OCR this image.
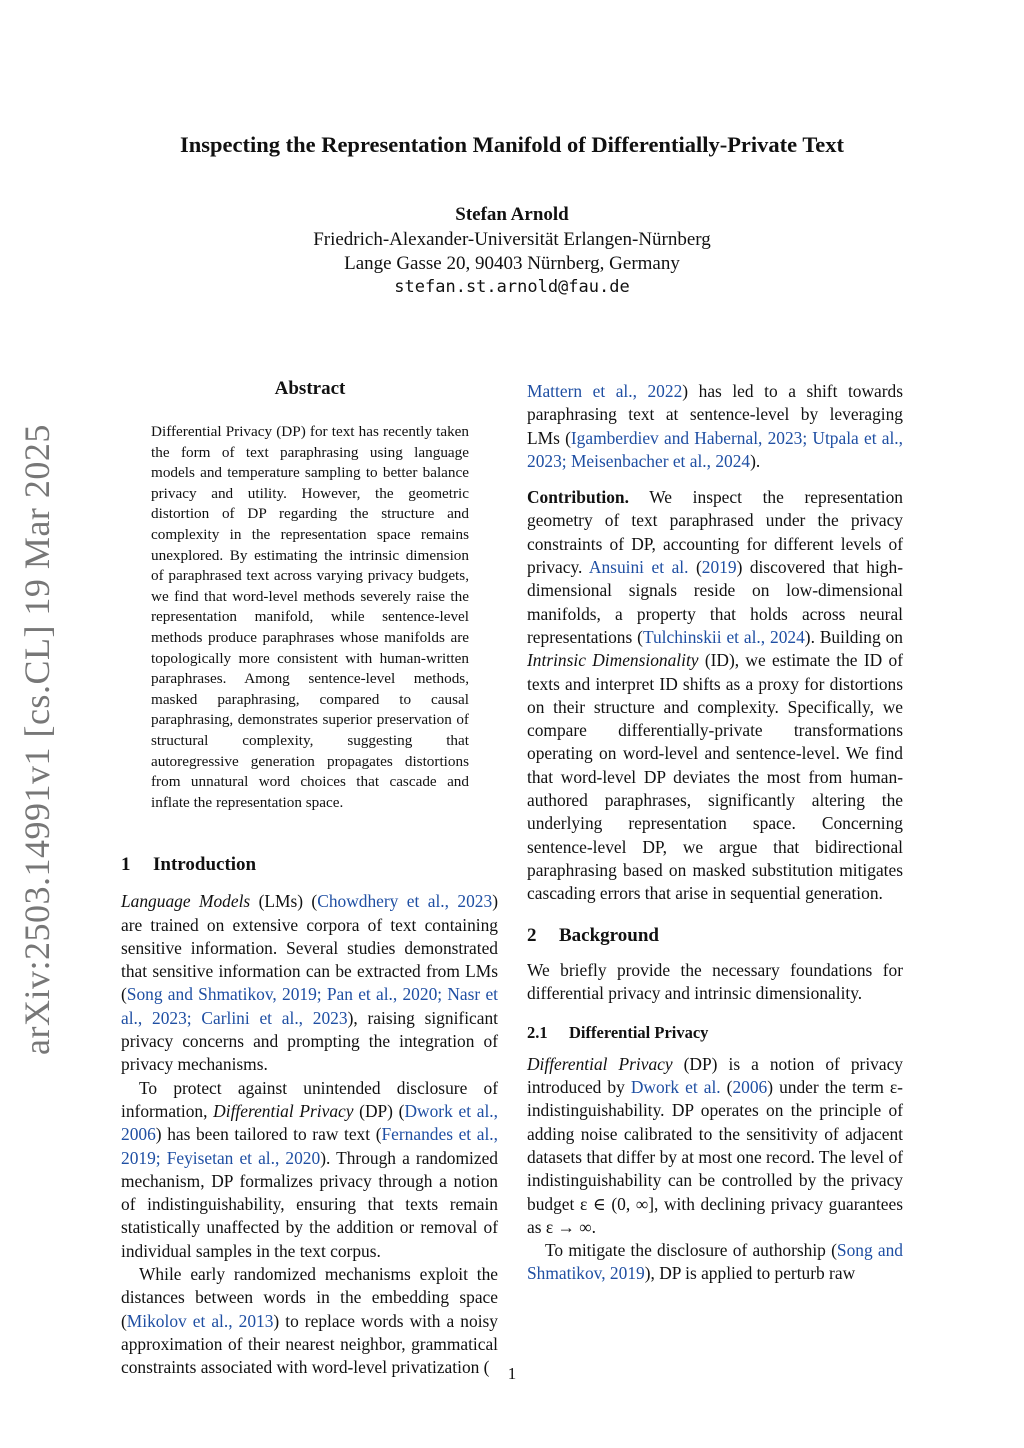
Inspecting the Representation Manifold of Differentially-Private Text
Stefan Arnold
Friedrich-Alexander-Universität Erlangen-Nürnberg
Lange Gasse 20, 90403 Nürnberg, Germany
stefan.st.arnold@fau.de
arXiv:2503.14991v1 [cs.CL] 19 Mar 2025
Abstract
Differential Privacy (DP) for text has recently taken the form of text paraphrasing using language models and temperature sampling to better balance privacy and utility. However, the geometric distortion of DP regarding the structure and complexity in the representation space remains unexplored. By estimating the intrinsic dimension of paraphrased text across varying privacy budgets, we find that word-level methods severely raise the representation manifold, while sentence-level methods produce paraphrases whose manifolds are topologically more consistent with human-written paraphrases. Among sentence-level methods, masked paraphrasing, compared to causal paraphrasing, demonstrates superior preservation of structural complexity, suggesting that autoregressive generation propagates distortions from unnatural word choices that cascade and inflate the representation space.
1 Introduction

Language Models (LMs) (Chowdhery et al., 2023) are trained on extensive corpora of text containing sensitive information. Several studies demonstrated that sensitive information can be extracted from LMs (Song and Shmatikov, 2019; Pan et al., 2020; Nasr et al., 2023; Carlini et al., 2023), raising significant privacy concerns and prompting the integration of privacy mechanisms.

To protect against unintended disclosure of information, Differential Privacy (DP) (Dwork et al., 2006) has been tailored to raw text (Fernandes et al., 2019; Feyisetan et al., 2020). Through a randomized mechanism, DP formalizes privacy through a notion of indistinguishability, ensuring that texts remain statistically unaffected by the addition or removal of individual samples in the text corpus.

While early randomized mechanisms exploit the distances between words in the embedding space (Mikolov et al., 2013) to replace words with a noisy approximation of their nearest neighbor, grammatical constraints associated with word-level privatization (

Mattern et al., 2022) has led to a shift towards paraphrasing text at sentence-level by leveraging LMs (Igamberdiev and Habernal, 2023; Utpala et al., 2023; Meisenbacher et al., 2024).

Contribution. We inspect the representation geometry of text paraphrased under the privacy constraints of DP, accounting for different levels of privacy. Ansuini et al. (2019) discovered that high-dimensional signals reside on low-dimensional manifolds, a property that holds across neural representations (Tulchinskii et al., 2024). Building on Intrinsic Dimensionality (ID), we estimate the ID of texts and interpret ID shifts as a proxy for distortions on their structure and complexity. Specifically, we compare differentially-private transformations operating on word-level and sentence-level. We find that word-level DP deviates the most from human-authored paraphrases, significantly altering the underlying representation space. Concerning sentence-level DP, we argue that bidirectional paraphrasing based on masked substitution mitigates cascading errors that arise in sequential generation.

2 Background

We briefly provide the necessary foundations for differential privacy and intrinsic dimensionality.

2.1 Differential Privacy

Differential Privacy (DP) is a notion of privacy introduced by Dwork et al. (2006) under the term ε-indistinguishability. DP operates on the principle of adding noise calibrated to the sensitivity of adjacent datasets that differ by at most one record. The level of indistinguishability can be controlled by the privacy budget ε ∈ (0, ∞], with declining privacy guarantees as ε → ∞.

To mitigate the disclosure of authorship (Song and Shmatikov, 2019), DP is applied to perturb raw

1
